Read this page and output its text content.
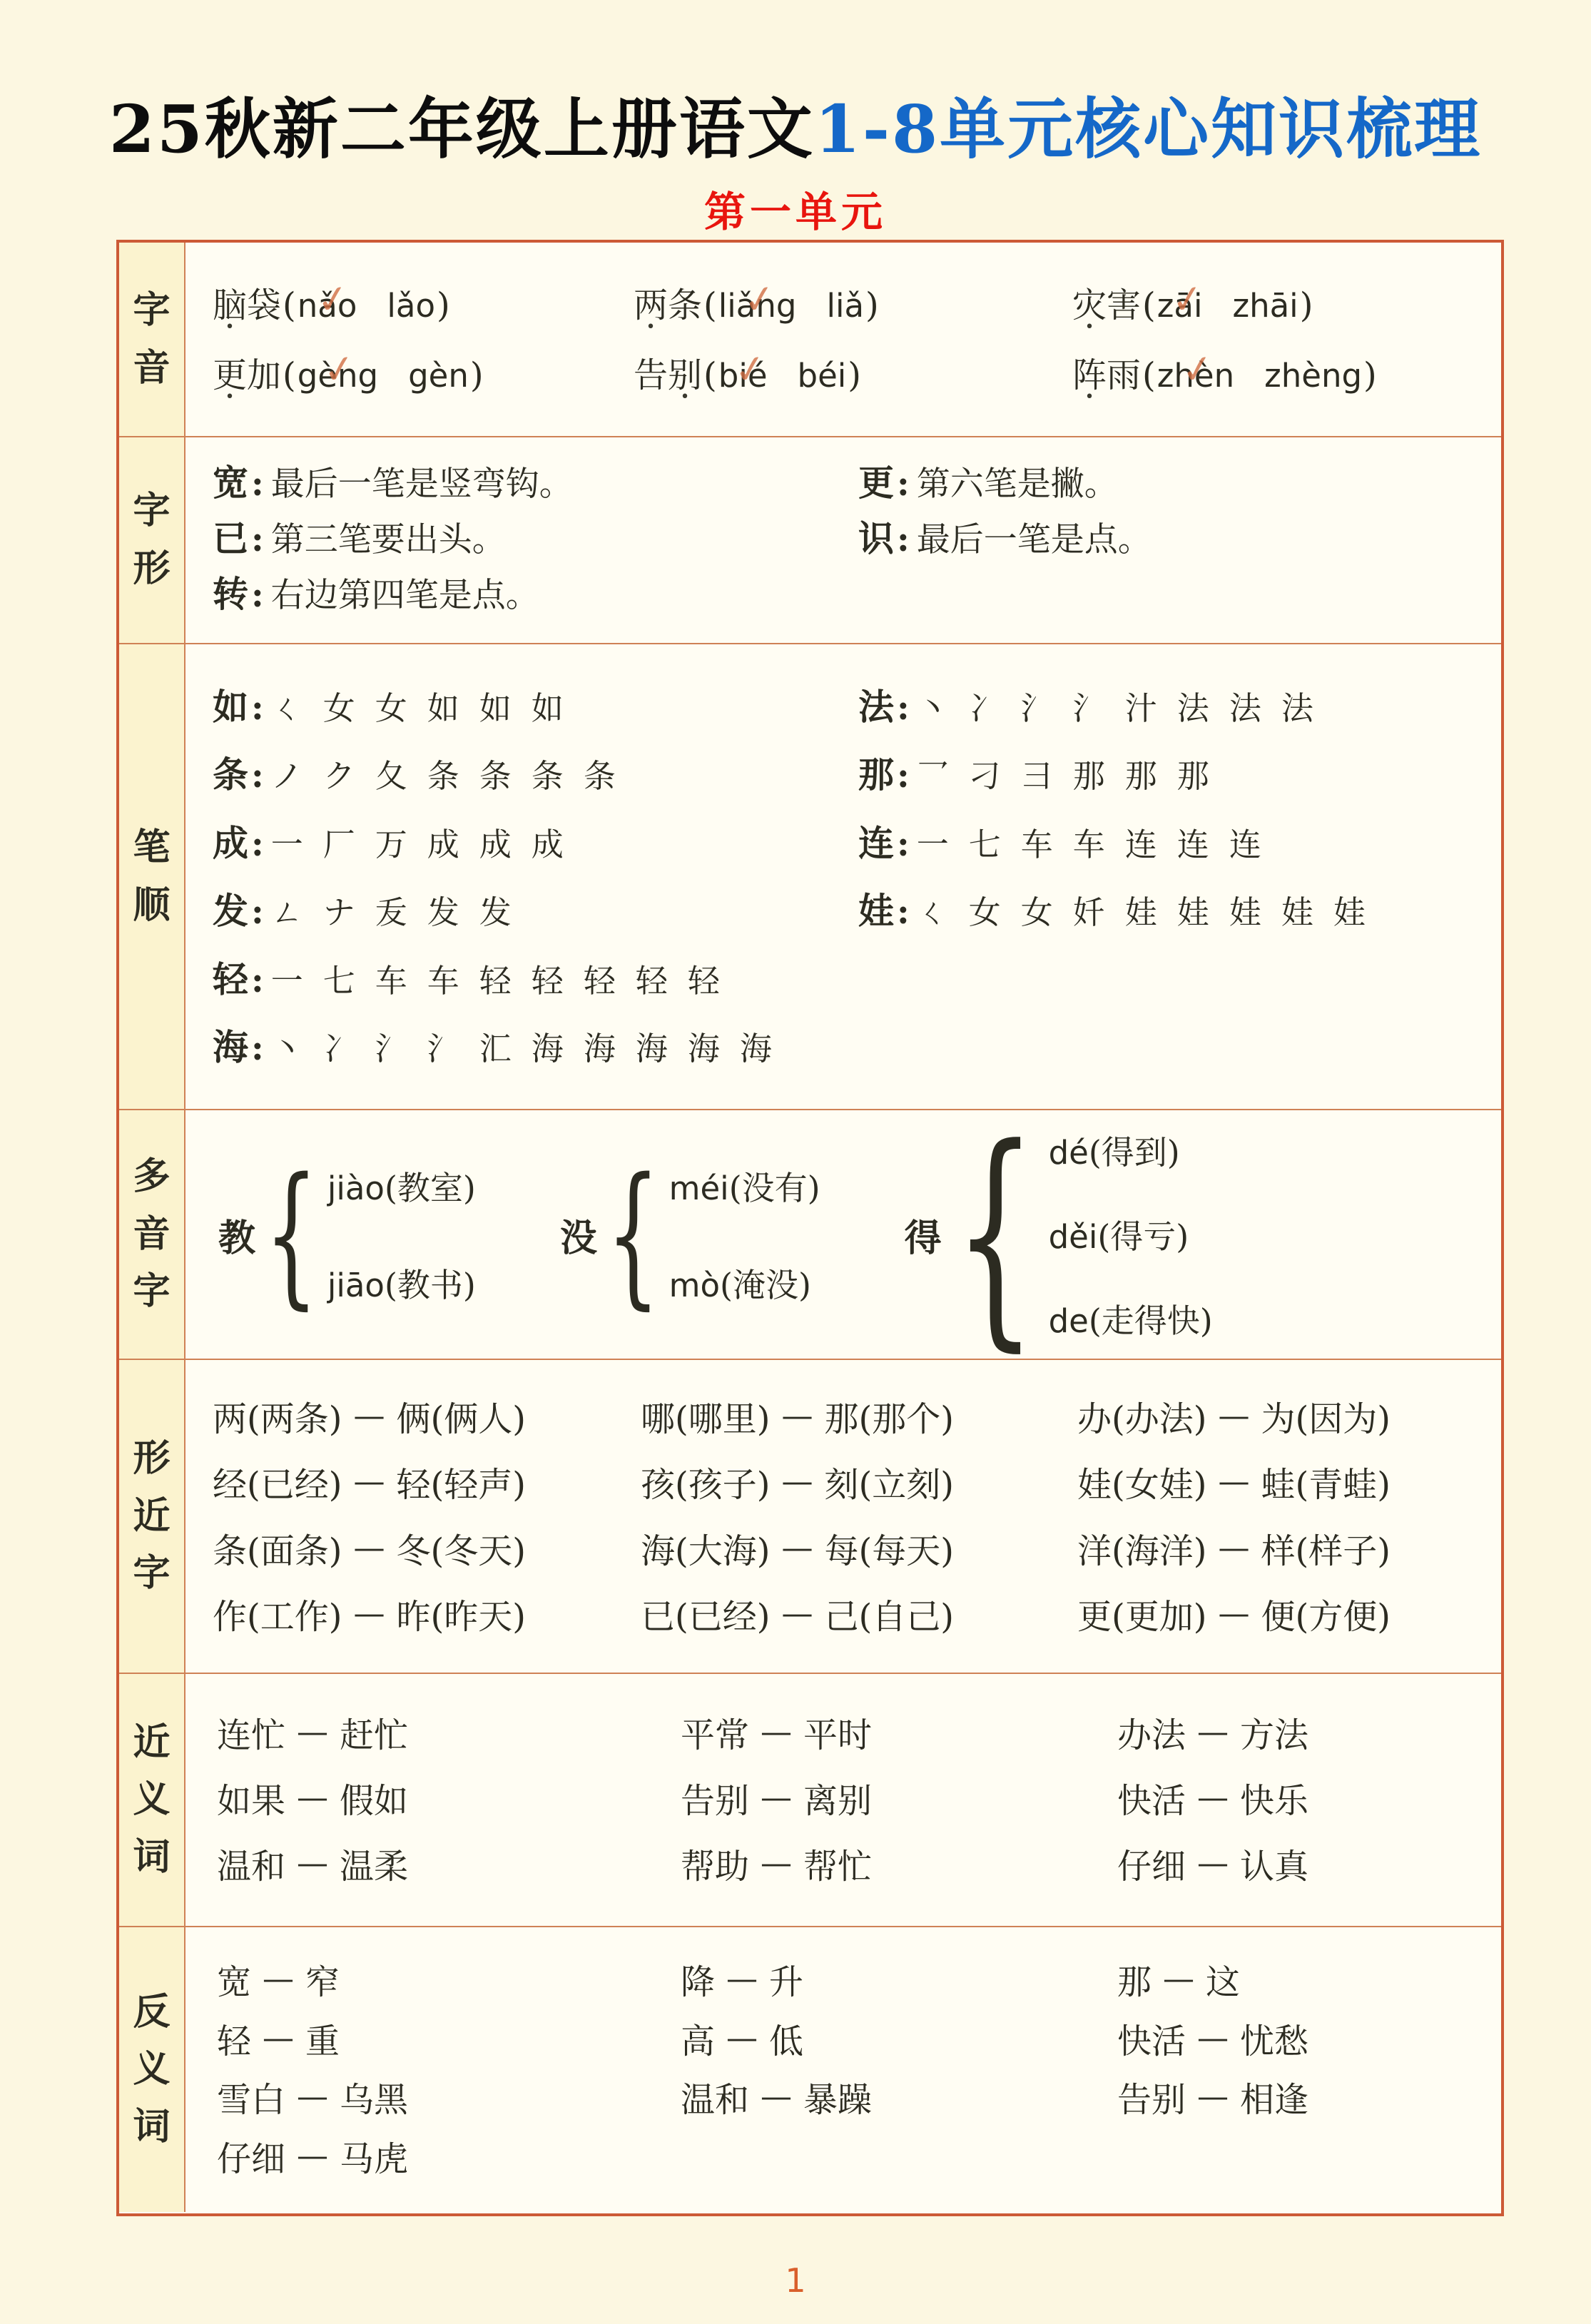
25秋新二年级上册语文1-8单元核心知识梳理
第一单元
字
音
脑袋(✓ nǎo lǎo)	两条(✓ liǎng liǎ)	灾害(✓ zāi zhāi)
更加(✓ gèng gèn)	告别(✓ bié béi)	阵雨(✓ zhèn zhèng)
字
形
宽: 最后一笔是竖弯钩。	更: 第六笔是撇。
已: 第三笔要出头。	识: 最后一笔是点。
转: 右边第四笔是点。
笔
顺
如: ㄑ 女 女 如 如 如	法: 丶 冫 氵 氵 汁 法 法 法
条: ノ ク 夂 条 条 条 条	那: 乛 刁 彐 那 那 那
成: 一 厂 万 成 成 成	连: 一 七 车 车 连 连 连
发: ㄥ ナ 叐 发 发	娃: ㄑ 女 女 奷 娃 娃 娃 娃 娃
轻: 一 七 车 车 轻 轻 轻 轻 轻
海: 丶 冫 氵 氵 汇 海 海 海 海 海
多
音
字
教 { jiào(教室)
jiāo(教书)
没 { méi(没有)
mò(淹没)
得 { dé(得到)
děi(得亏)
de(走得快)
形
近
字
两(两条) — 俩(俩人)	哪(哪里) — 那(那个)	办(办法) — 为(因为)
经(已经) — 轻(轻声)	孩(孩子) — 刻(立刻)	娃(女娃) — 蛙(青蛙)
条(面条) — 冬(冬天)	海(大海) — 每(每天)	洋(海洋) — 样(样子)
作(工作) — 昨(昨天)	已(已经) — 己(自己)	更(更加) — 便(方便)
近
义
词
连忙 — 赶忙	平常 — 平时	办法 — 方法
如果 — 假如	告别 — 离别	快活 — 快乐
温和 — 温柔	帮助 — 帮忙	仔细 — 认真
反
义
词
宽 — 窄	降 — 升	那 — 这
轻 — 重	高 — 低	快活 — 忧愁
雪白 — 乌黑	温和 — 暴躁	告别 — 相逢
仔细 — 马虎
1
